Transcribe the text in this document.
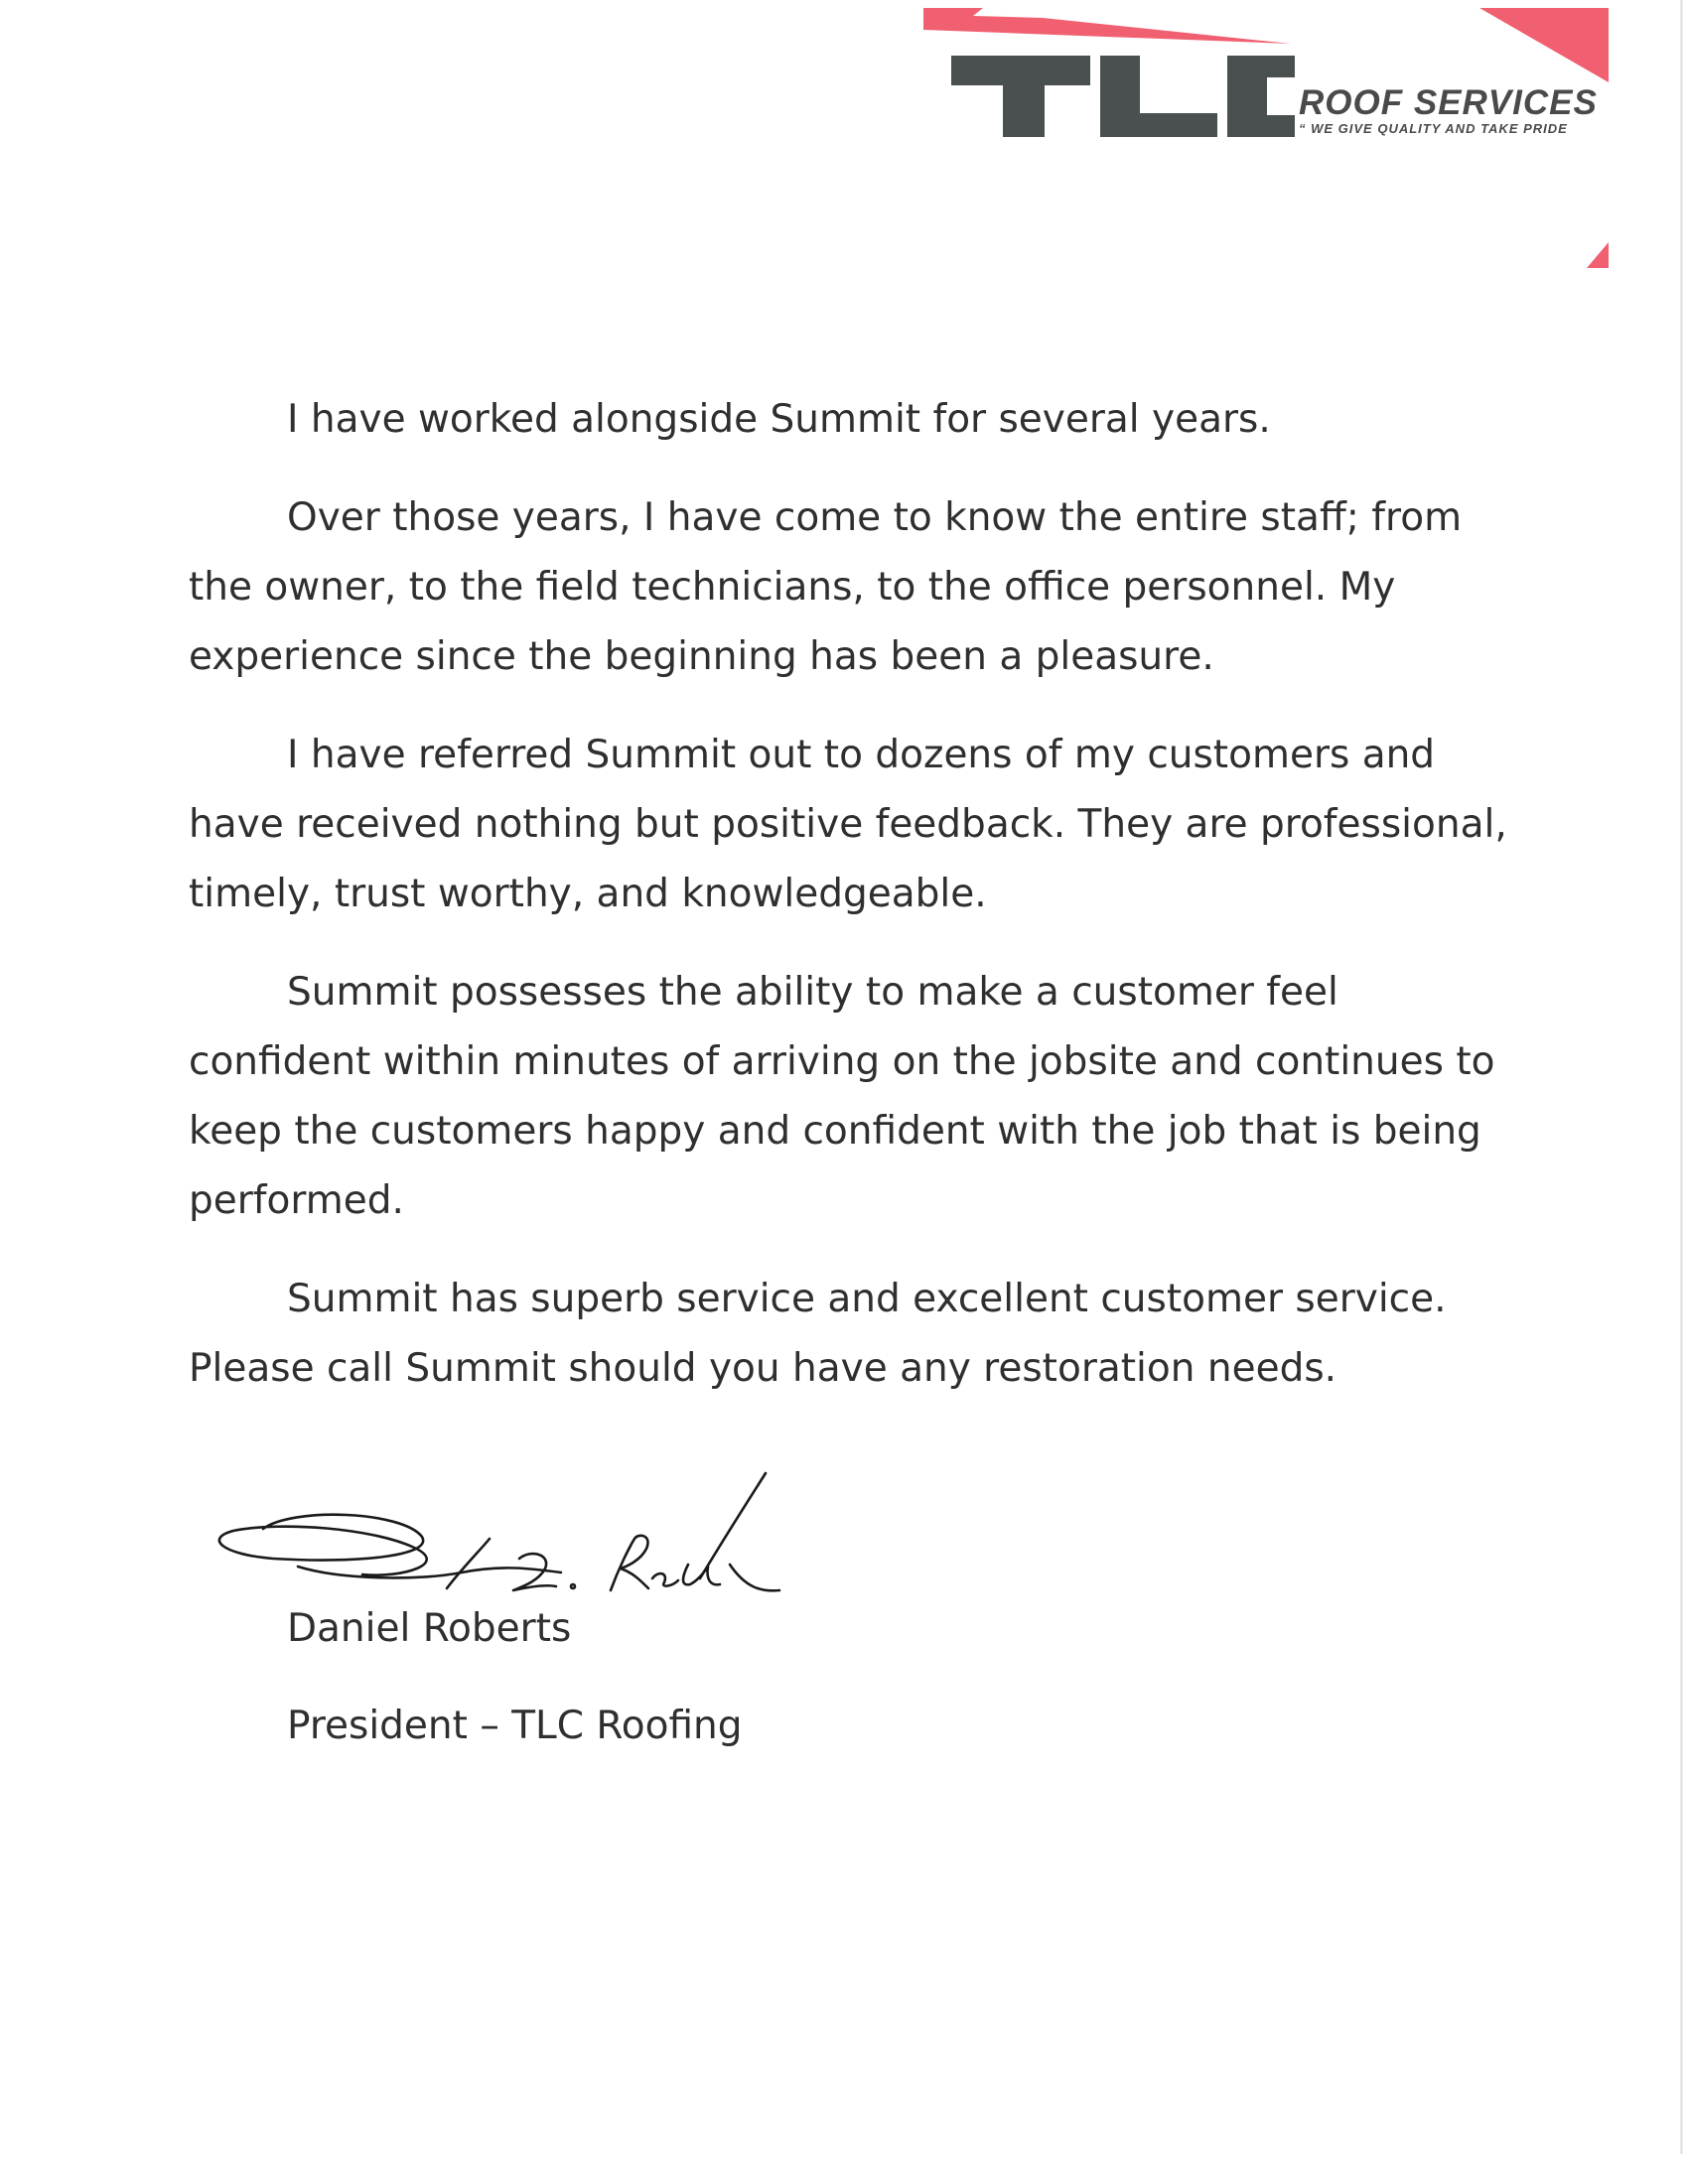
ROOF SERVICES
“ WE GIVE QUALITY AND TAKE PRIDE

I have worked alongside Summit for several years.

Over those years, I have come to know the entire staff; from the owner, to the field technicians, to the office personnel. My experience since the beginning has been a pleasure.

I have referred Summit out to dozens of my customers and have received nothing but positive feedback. They are professional, timely, trust worthy, and knowledgeable.

Summit possesses the ability to make a customer feel confident within minutes of arriving on the jobsite and continues to keep the customers happy and confident with the job that is being performed.

Summit has superb service and excellent customer service. Please call Summit should you have any restoration needs.

Daniel Roberts
President – TLC Roofing
